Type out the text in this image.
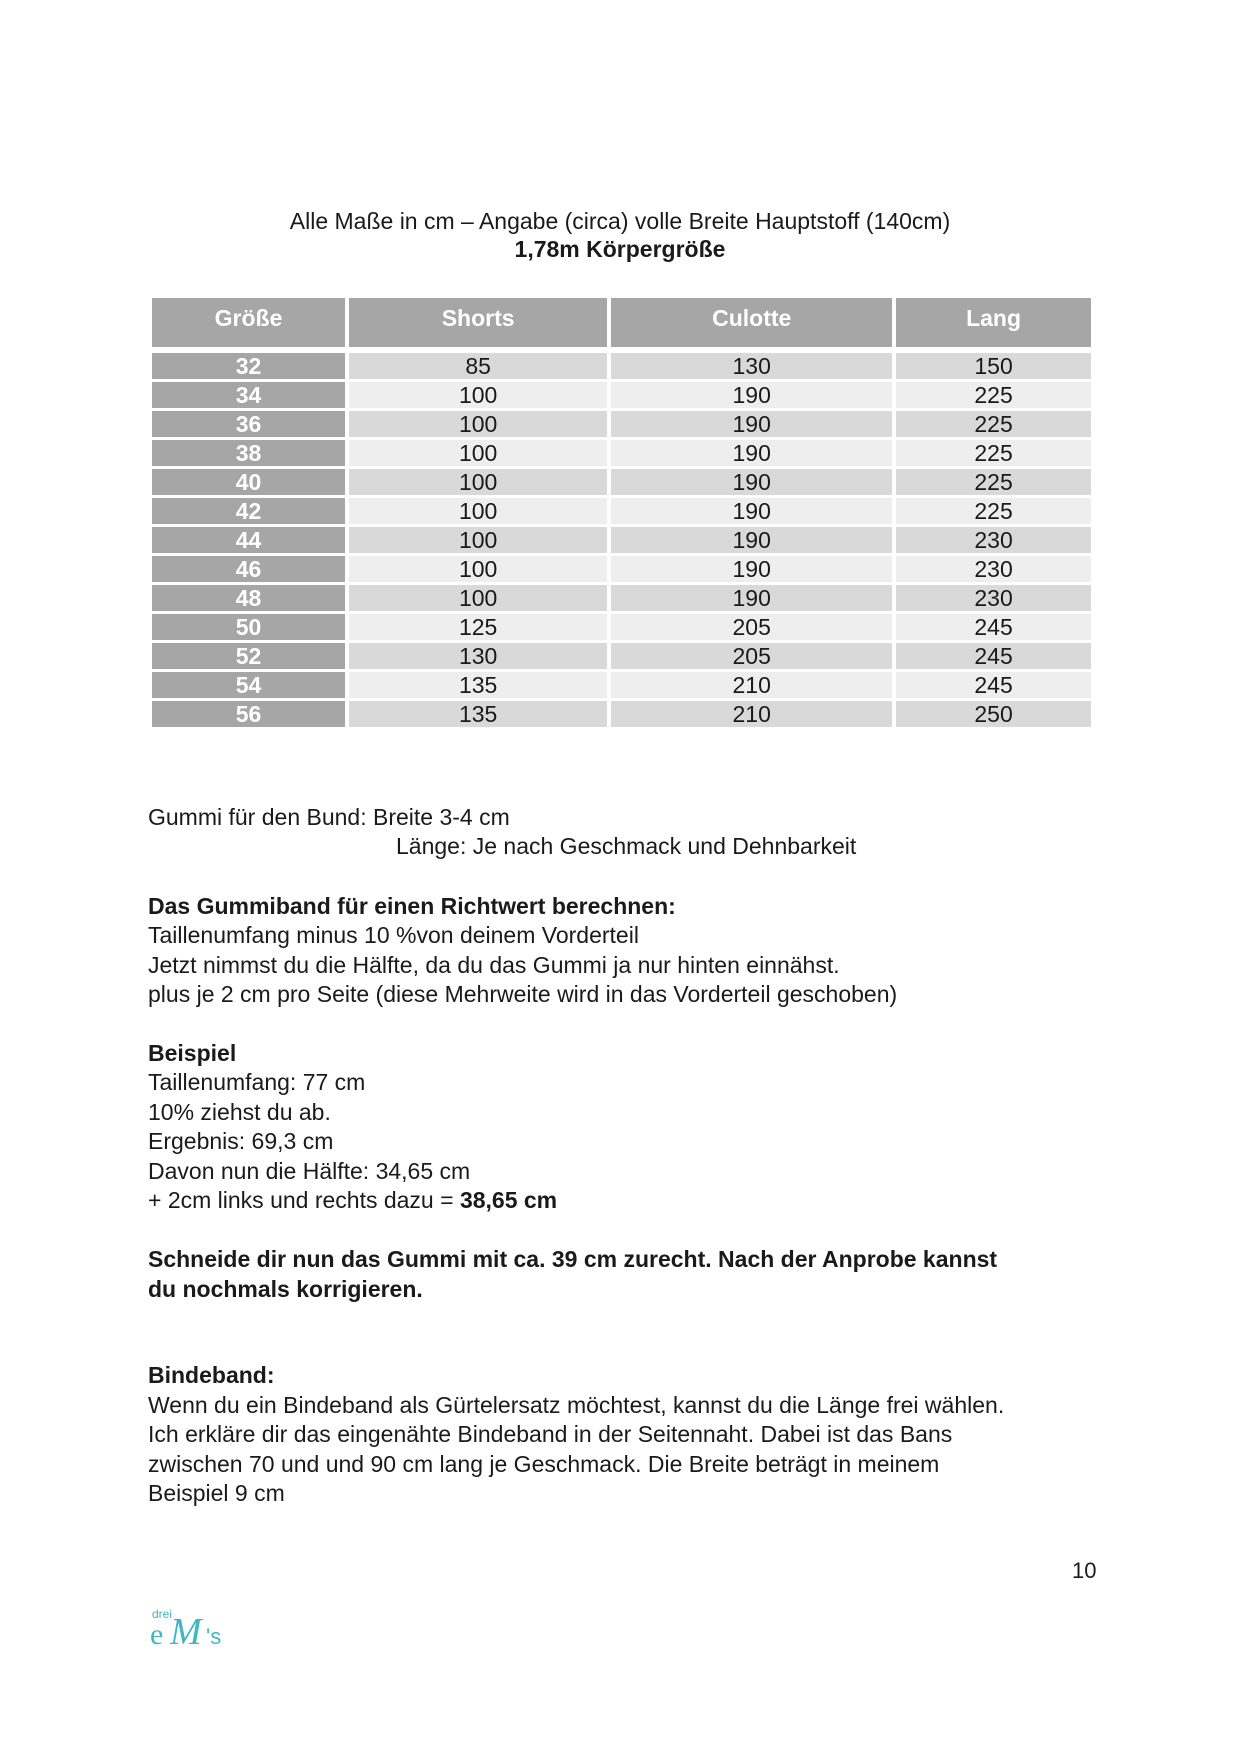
Alle Maße in cm – Angabe (circa) volle Breite Hauptstoff (140cm)
1,78m Körpergröße
Größe	Shorts	Culotte	Lang

32	85	130	150
34	100	190	225
36	100	190	225
38	100	190	225
40	100	190	225
42	100	190	225
44	100	190	230
46	100	190	230
48	100	190	230
50	125	205	245
52	130	205	245
54	135	210	245
56	135	210	250
Gummi für den Bund: Breite 3-4 cm
Länge: Je nach Geschmack und Dehnbarkeit
Das Gummiband für einen Richtwert berechnen:
Taillenumfang minus 10 %von deinem Vorderteil
Jetzt nimmst du die Hälfte, da du das Gummi ja nur hinten einnähst.
plus je 2 cm pro Seite (diese Mehrweite wird in das Vorderteil geschoben)
Beispiel
Taillenumfang: 77 cm
10% ziehst du ab.
Ergebnis: 69,3 cm
Davon nun die Hälfte: 34,65 cm
+ 2cm links und rechts dazu = 38,65 cm
Schneide dir nun das Gummi mit ca. 39 cm zurecht. Nach der Anprobe kannst
du nochmals korrigieren.
Bindeband:
Wenn du ein Bindeband als Gürtelersatz möchtest, kannst du die Länge frei wählen.
Ich erkläre dir das eingenähte Bindeband in der Seitennaht. Dabei ist das Bans
zwischen 70 und und 90 cm lang je Geschmack. Die Breite beträgt in meinem
Beispiel 9 cm
10
drei
e M 's
